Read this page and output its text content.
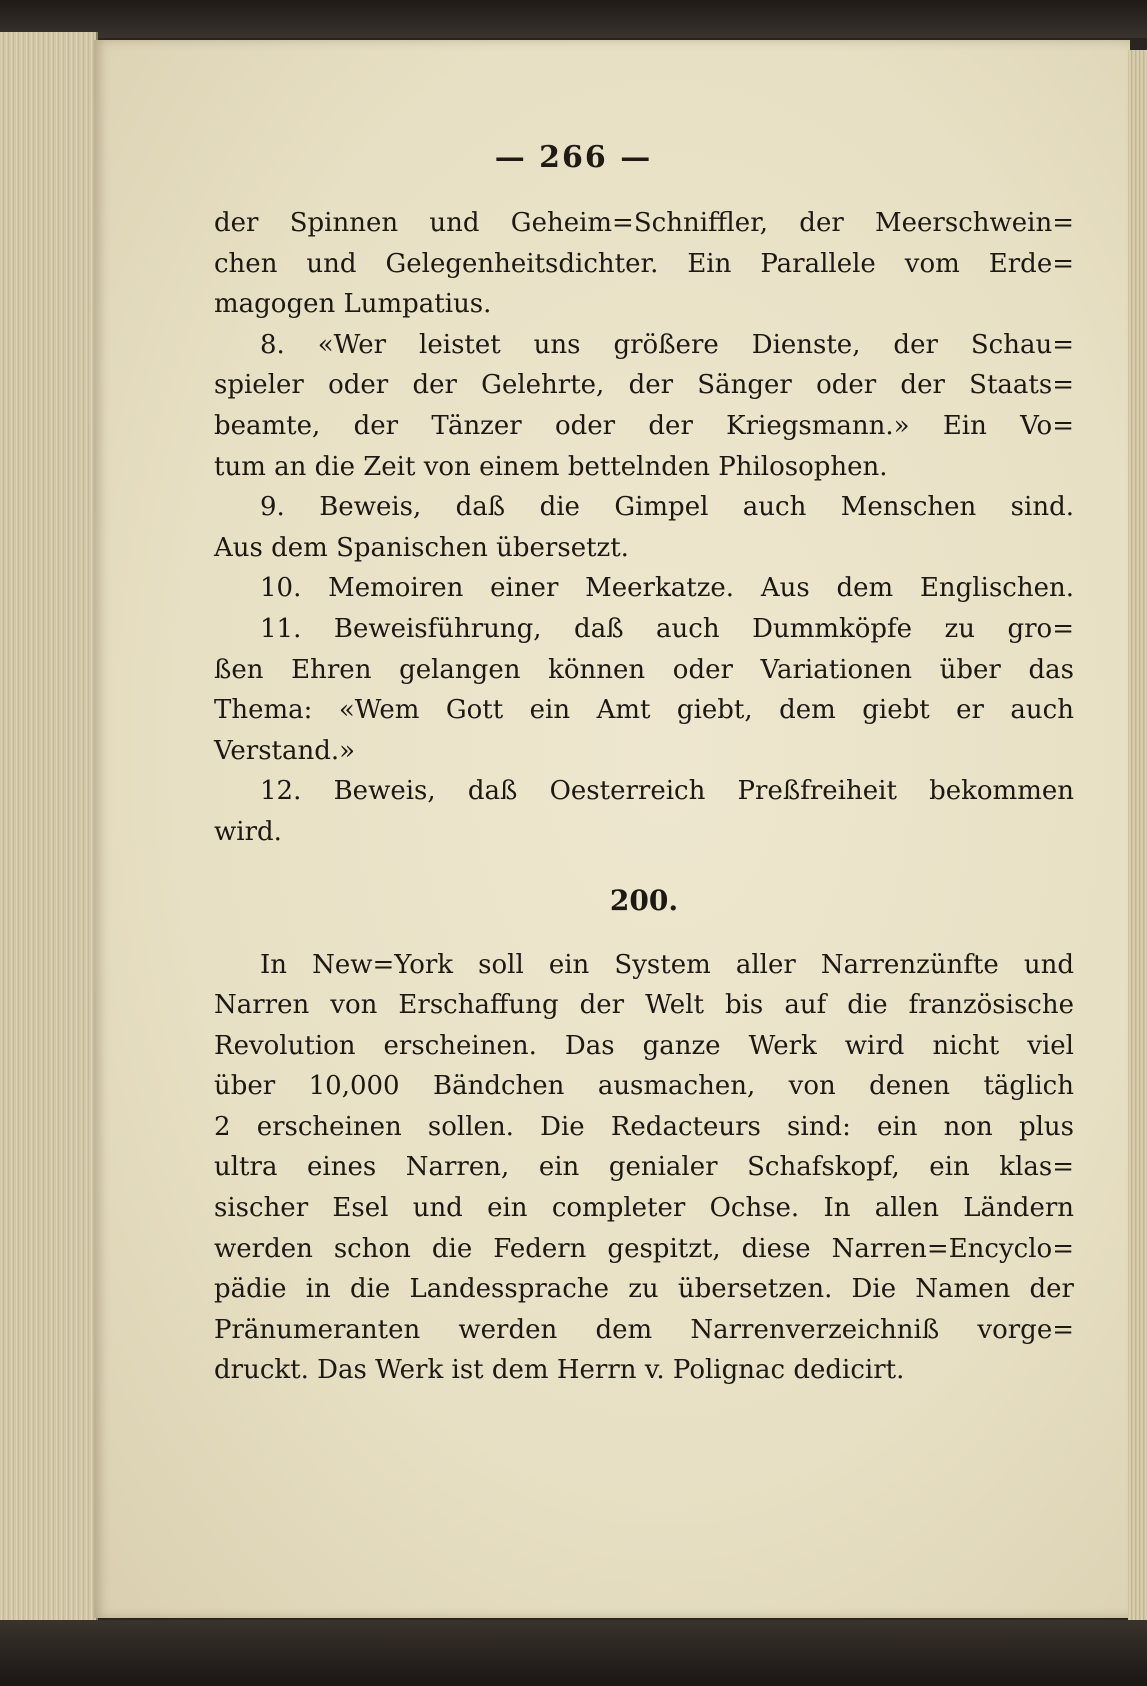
— 266 —
der Spinnen und Geheim=Schniffler, der Meerschwein=
chen und Gelegenheitsdichter. Ein Parallele vom Erde=
magogen Lumpatius.
8. «Wer leistet uns größere Dienste, der Schau=
spieler oder der Gelehrte, der Sänger oder der Staats=
beamte, der Tänzer oder der Kriegsmann.» Ein Vo=
tum an die Zeit von einem bettelnden Philosophen.
9. Beweis, daß die Gimpel auch Menschen sind.
Aus dem Spanischen übersetzt.
10. Memoiren einer Meerkatze. Aus dem Englischen.
11. Beweisführung, daß auch Dummköpfe zu gro=
ßen Ehren gelangen können oder Variationen über das
Thema: «Wem Gott ein Amt giebt, dem giebt er auch
Verstand.»
12. Beweis, daß Oesterreich Preßfreiheit bekommen
wird.
200.
In New=York soll ein System aller Narrenzünfte und
Narren von Erschaffung der Welt bis auf die französische
Revolution erscheinen. Das ganze Werk wird nicht viel
über 10,000 Bändchen ausmachen, von denen täglich
2 erscheinen sollen. Die Redacteurs sind: ein non plus
ultra eines Narren, ein genialer Schafskopf, ein klas=
sischer Esel und ein completer Ochse. In allen Ländern
werden schon die Federn gespitzt, diese Narren=Encyclo=
pädie in die Landessprache zu übersetzen. Die Namen der
Pränumeranten werden dem Narrenverzeichniß vorge=
druckt. Das Werk ist dem Herrn v. Polignac dedicirt.
